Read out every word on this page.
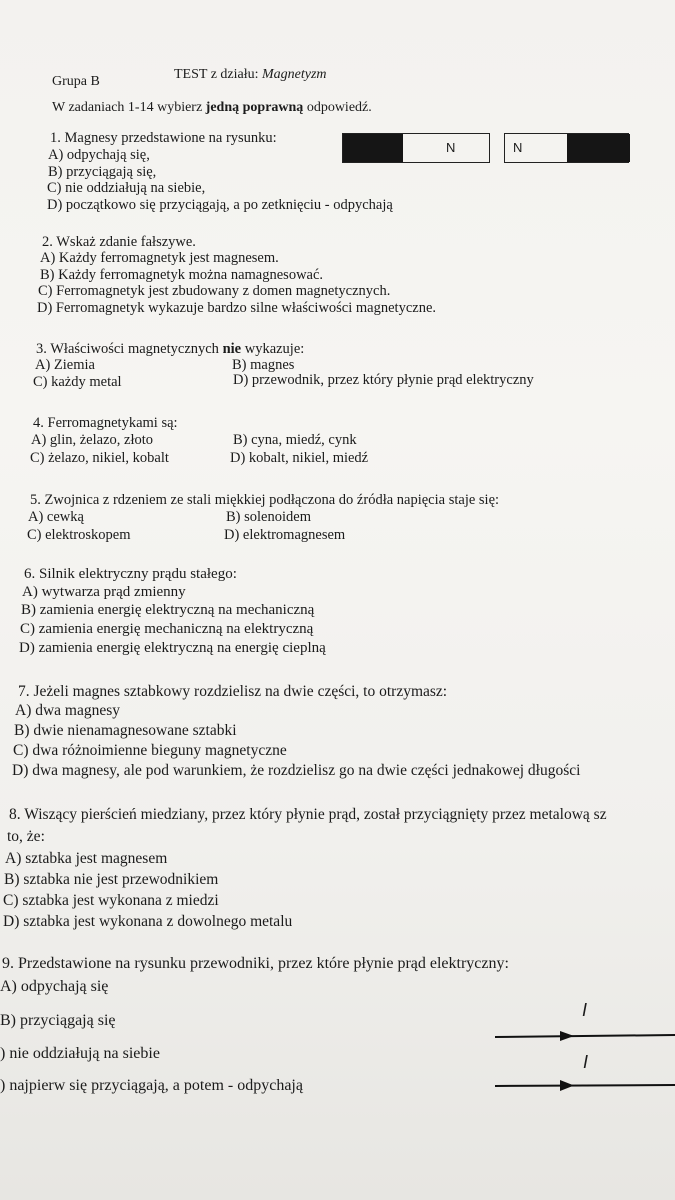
Grupa B	TEST z działu: Magnetyzm
W zadaniach 1-14 wybierz jedną poprawną odpowiedź.
1. Magnesy przedstawione na rysunku:
A) odpychają się,
B) przyciągają się,
C) nie oddziałują na siebie,
D) początkowo się przyciągają, a po zetknięciu - odpychają
N	N
2. Wskaż zdanie fałszywe.
A) Każdy ferromagnetyk jest magnesem.
B) Każdy ferromagnetyk można namagnesować.
C) Ferromagnetyk jest zbudowany z domen magnetycznych.
D) Ferromagnetyk wykazuje bardzo silne właściwości magnetyczne.
3. Właściwości magnetycznych nie wykazuje:
A) Ziemia	B) magnes
C) każdy metal	D) przewodnik, przez który płynie prąd elektryczny
4. Ferromagnetykami są:
A) glin, żelazo, złoto	B) cyna, miedź, cynk
C) żelazo, nikiel, kobalt	D) kobalt, nikiel, miedź
5. Zwojnica z rdzeniem ze stali miękkiej podłączona do źródła napięcia staje się:
A) cewką	B) solenoidem
C) elektroskopem	D) elektromagnesem
6. Silnik elektryczny prądu stałego:
A) wytwarza prąd zmienny
B) zamienia energię elektryczną na mechaniczną
C) zamienia energię mechaniczną na elektryczną
D) zamienia energię elektryczną na energię cieplną
7. Jeżeli magnes sztabkowy rozdzielisz na dwie części, to otrzymasz:
A) dwa magnesy
B) dwie nienamagnesowane sztabki
C) dwa różnoimienne bieguny magnetyczne
D) dwa magnesy, ale pod warunkiem, że rozdzielisz go na dwie części jednakowej długości
8. Wiszący pierścień miedziany, przez który płynie prąd, został przyciągnięty przez metalową sz
to, że:
A) sztabka jest magnesem
B) sztabka nie jest przewodnikiem
C) sztabka jest wykonana z miedzi
D) sztabka jest wykonana z dowolnego metalu
9. Przedstawione na rysunku przewodniki, przez które płynie prąd elektryczny:
A) odpychają się
B) przyciągają się
) nie oddziałują na siebie
) najpierw się przyciągają, a potem - odpychają
I
I
